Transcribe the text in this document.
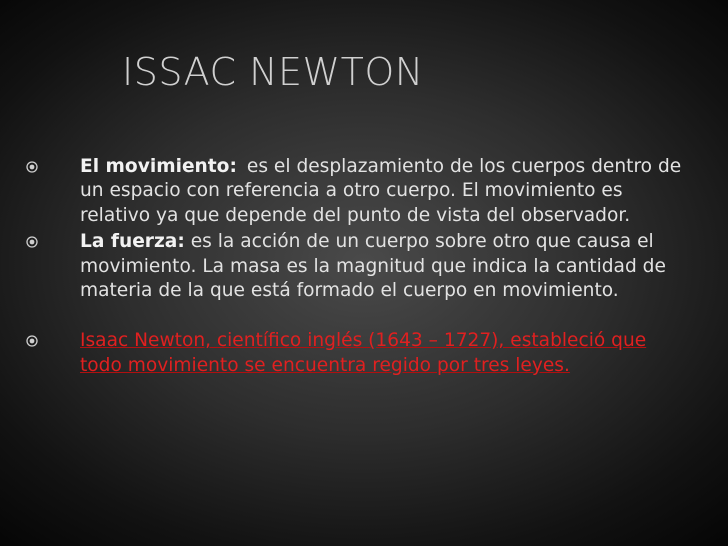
ISSAC NEWTON
El movimiento: es el desplazamiento de los cuerpos dentro de un espacio con referencia a otro cuerpo. El movimiento es relativo ya que depende del punto de vista del observador.
La fuerza: es la acción de un cuerpo sobre otro que causa el movimiento. La masa es la magnitud que indica la cantidad de materia de la que está formado el cuerpo en movimiento.
Isaac Newton, científico inglés (1643 – 1727), estableció que todo movimiento se encuentra regido por tres leyes.
